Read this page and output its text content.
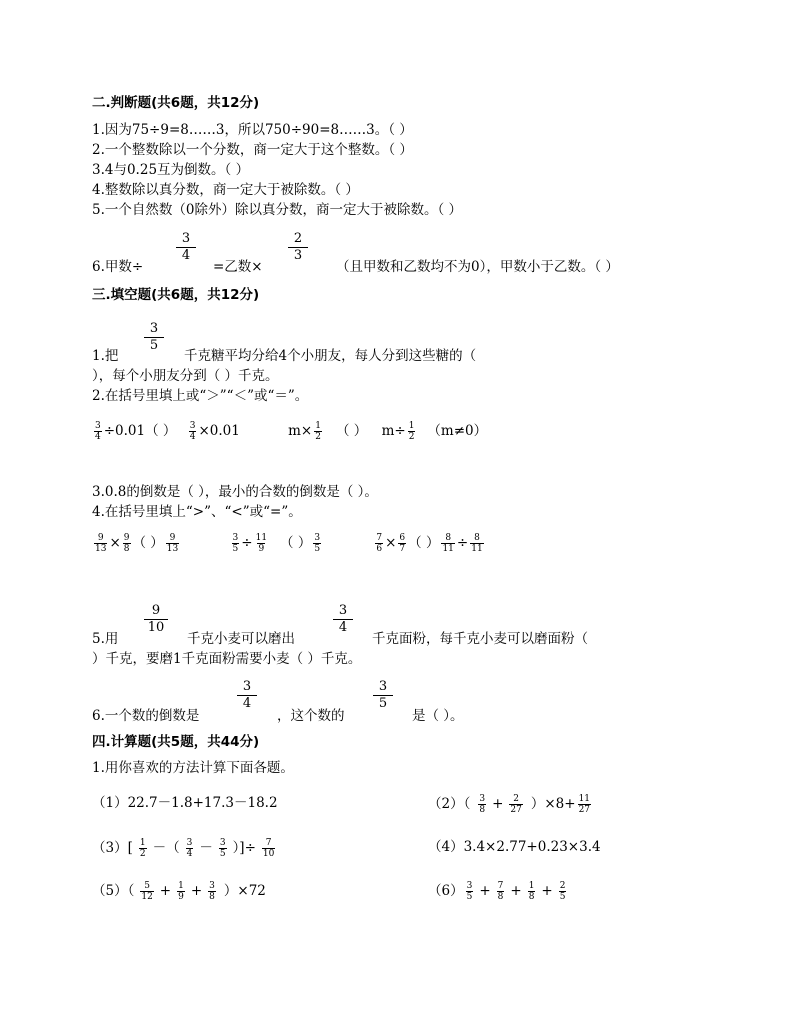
二.判断题(共6题，共12分)
1.因为75÷9=8……3，所以750÷90=8……3。（ ）
2.一个整数除以一个分数，商一定大于这个整数。（ ）
3.4与0.25互为倒数。（ ）
4.整数除以真分数，商一定大于被除数。（ ）
5.一个自然数（0除外）除以真分数，商一定大于被除数。（ ）
6.甲数÷
3
4
=乙数×
2
3
（且甲数和乙数均不为0），甲数小于乙数。（ ）
三.填空题(共6题，共12分)
1.把
3
5
千克糖平均分给4个小朋友，每人分到这些糖的（
），每个小朋友分到（ ）千克。
2.在括号里填上或“＞”“＜”或“＝”。
$\frac{3}{4} \div 0.01$（ ） $\frac{3}{4} \times 0.01$	$m\times \frac{1}{2}$ （ ） $m\div \frac{1}{2} (m\ne 0)$
3.0.8的倒数是（ ），最小的合数的倒数是（ ）。
4.在括号里填上“>”、“<”或“=”。
$\frac{9}{13} \times \frac{9}{8}$ （ ） $\frac{9}{13}$
	$\frac{3}{5} \div \frac{11}{9}$ （ ） $\frac{3}{5}$
	$\frac{7}{6} \times \frac{6}{7}$ （ ） $\frac{8}{11} \div \frac{8}{11}$
5.用
9
10
千克小麦可以磨出
3
4
千克面粉，每千克小麦可以磨面粉（
）千克，要磨1千克面粉需要小麦（ ）千克。
6.一个数的倒数是
3
4
，这个数的
3
5
是（ ）。
四.计算题(共5题，共44分)
1.用你喜欢的方法计算下面各题。
（1）22.7－1.8+17.3－18.2	$(2)( \frac{3}{8} + \frac{2}{27} )\times 8+ \frac{11}{27}$
$(3)[ \frac{1}{2}$ －（ $\frac{3}{4} - \frac{3}{5}$ ）]÷ $\frac{7}{10}$	（4）3.4×2.77+0.23×3.4
$(5)( \frac{5}{12} + \frac{1}{9} + \frac{3}{8} )\times 72$	$(6) \frac{3}{5} + \frac{7}{8} + \frac{1}{8} + \frac{2}{5}$
